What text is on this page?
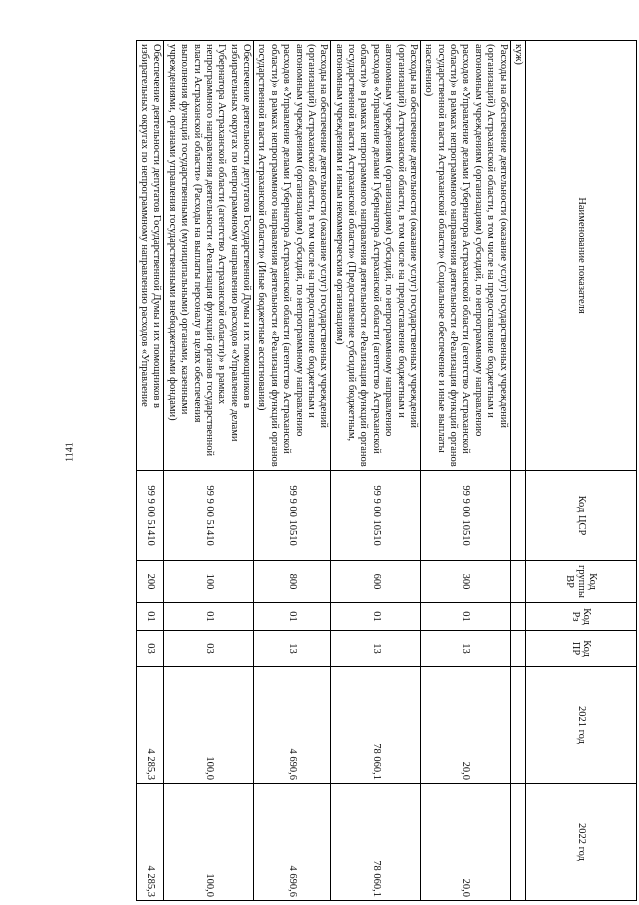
1141
Наименование показателя	Код ЦСР	Код группы ВР	Код Рз	Код ПР	2021 год	2022 год
куж)						
Расходы на обеспечение деятельности (оказание услуг) государственных учреждений (организаций) Астраханской области, в том числе на предоставление бюджетным и автономным учреждениям (организациям) субсидий, по непрограммному направлению расходов «Управление делами Губернатора Астраханской области (агентство Астраханской области)» в рамках непрограммного направления деятельности «Реализация функций органов государственной власти Астраханской области» (Социальное обеспечение и иные выплаты населению)	99 9 00 10510	300	01	13	20,0	20,0
Расходы на обеспечение деятельности (оказание услуг) государственных учреждений (организаций) Астраханской области, в том числе на предоставление бюджетным и автономным учреждениям (организациям) субсидий, по непрограммному направлению расходов «Управление делами Губернатора Астраханской области (агентство Астраханской области)» в рамках непрограммного направления деятельности «Реализация функций органов государственной власти Астраханской области» (Предоставление субсидий бюджетным, автономным учреждениям и иным некоммерческим организациям)	99 9 00 10510	600	01	13	78 060,1	78 060,1
Расходы на обеспечение деятельности (оказание услуг) государственных учреждений (организаций) Астраханской области, в том числе на предоставление бюджетным и автономным учреждениям (организациям) субсидий, по непрограммному направлению расходов «Управление делами Губернатора Астраханской области (агентство Астраханской области)» в рамках непрограммного направления деятельности «Реализация функций органов государственной власти Астраханской области» (Иные бюджетные ассигнования)	99 9 00 10510	800	01	13	4 690,6	4 690,6
Обеспечение деятельности депутатов Государственной Думы и их помощников в избирательных округах по непрограммному направлению расходов «Управление делами Губернатора Астраханской области (агентство Астраханской области)» в рамках непрограммного направления деятельности «Реализация функций органов государственной власти Астраханской области» (Расходы на выплаты персоналу в целях обеспечения выполнения функций государственными (муниципальными) органами, казенными учреждениями, органами управления государственными внебюджетными фондами)	99 9 00 51410	100	01	03	100,0	100,0
Обеспечение деятельности депутатов Государственной Думы и их помощников в избирательных округах по непрограммному направлению расходов «Управление	99 9 00 51410	200	01	03	4 285,3	4 285,3
